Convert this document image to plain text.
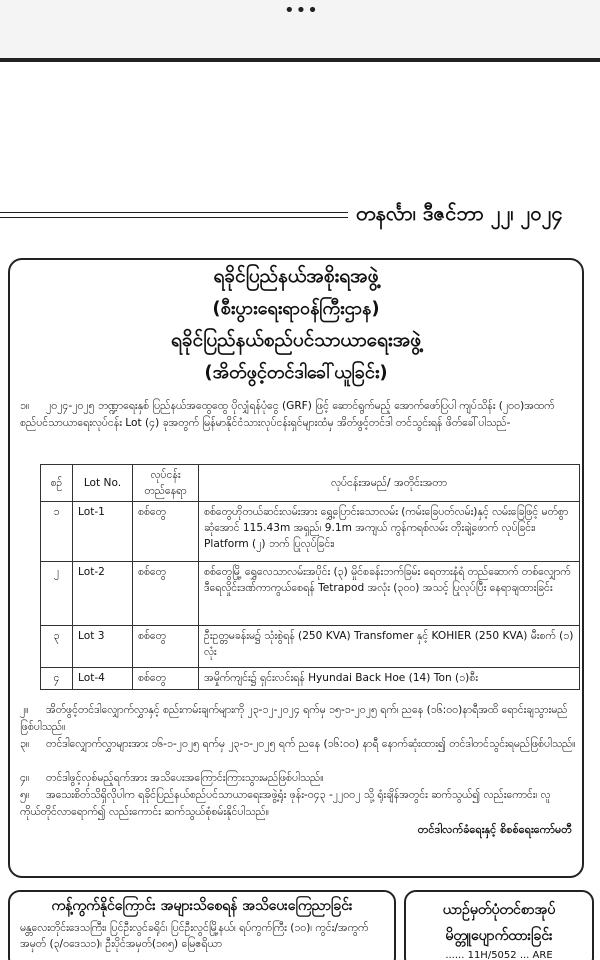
•••
တနင်္လာ၊ ဒီဇင်ဘာ ၂၂၊ ၂၀၂၄
ရခိုင်ပြည်နယ်အစိုးရအဖွဲ့
(စီးပွားရေးရာဝန်ကြီးဌာန)
ရခိုင်ပြည်နယ်စည်ပင်သာယာရေးအဖွဲ့
(အိတ်ဖွင့်တင်ဒါခေါ်ယူခြင်း)
၁။ ၂၀၂၄-၂၀၂၅ ဘဏ္ဍာရေးနှစ် ပြည်နယ်အထွေထွေ ပိုလျှံရန်ပုံငွေ (GRF) ဖြင့် ဆောင်ရွက်မည့် အောက်ဖော်ပြပါ ကျပ်သိန်း (၂၀၀)အထက် စည်ပင်သာယာရေးလုပ်ငန်း Lot (၄) ခုအတွက် မြန်မာနိုင်ငံသားလုပ်ငန်းရှင်များထံမှ အိတ်ဖွင့်တင်ဒါ တင်သွင်းရန် ဖိတ်ခေါ်ပါသည်-
စဉ်	Lot No.	လုပ်ငန်းတည်နေရာ	လုပ်ငန်းအမည်/ အတိုင်းအတာ
၁	Lot-1	စစ်တွေ	စစ်တွေဟိုတယ်ဆင်းလမ်းအား ရွှေ့ပြောင်းသောလမ်း (ကမ်းခြေပတ်လမ်း)နှင့် လမ်းခြေဖြင့် မတ်စွာဆုံအောင် 115.43m အရှည်၊ 9.1m အကျယ် ကွန်ကရစ်လမ်း တိုးချဲ့ဖောက် လုပ်ခြင်း၊ Platform (၂) ဘက် ပြုလုပ်ခြင်း၊
၂	Lot-2	စစ်တွေ	စစ်တွေမြို့ ရွှေလေသာလမ်းအပိုင်း (၃) မှိုင်စခန်းဘက်ခြမ်း ရေတားနံရံ တည်ဆောက် တစ်လျှောက် ဒီရေလှိုင်းဒဏ်ကာကွယ်စေရန် Tetrapod အလုံး (၃၀၀) အသင့် ပြုလုပ်ပြီး နေရာချထားခြင်း
၃	Lot 3	စစ်တွေ	ဦးဥတ္တမခန်းမ၌ သုံးစွဲရန် (250 KVA) Transfomer နှင့် KOHIER (250 KVA) မီးစက် (၁) လုံး
၄	Lot-4	စစ်တွေ	အမှိုက်ကျင်း၌ ရှင်းလင်းရန် Hyundai Back Hoe (14) Ton (၁)စီး
၂။ အိတ်ဖွင့်တင်ဒါလျှောက်လွှာနှင့် စည်းကမ်းချက်များကို ၂၃-၁၂-၂၀၂၄ ရက်မှ ၁၅-၁-၂၀၂၅ ရက်၊ ညနေ (၁၆:၀၀)နာရီအထိ ရောင်းချသွားမည်ဖြစ်ပါသည်။
၃။ တင်ဒါလျှောက်လွှာများအား ၁၆-၁-၂၀၂၅ ရက်မှ ၂၃-၁-၂၀၂၅ ရက် ညနေ (၁၆:၀၀) နာရီ နောက်ဆုံးထား၍ တင်ဒါတင်သွင်းရမည်ဖြစ်ပါသည်။
၄။ တင်ဒါဖွင့်လှစ်မည့်ရက်အား အသိပေးအကြောင်းကြားသွားမည်ဖြစ်ပါသည်။
၅။ အသေးစိတ်သိရှိလိုပါက ရခိုင်ပြည်နယ်စည်ပင်သာယာရေးအဖွဲ့ရုံး ဖုန်း-၀၄၃ -၂၂၀၀၂ သို့ ရုံးချိန်အတွင်း ဆက်သွယ်၍ လည်းကောင်း၊ လူကိုယ်တိုင်လာရောက်၍ လည်းကောင်း ဆက်သွယ်စုံစမ်းနိုင်ပါသည်။
တင်ဒါလက်ခံရေးနှင့် စိစစ်ရေးကော်မတီ
ကန့်ကွက်နိုင်ကြောင်း အများသိစေရန် အသိပေးကြေညာခြင်း
မန္တလေးတိုင်းဒေသကြီး၊ ပြင်ဦးလွင်ခရိုင်၊ ပြင်ဦးလွင်မြို့နယ်၊ ရပ်ကွက်ကြီး (၁၀)၊ ကွင်း/အကွက်အမှတ် (၃/၀ဒေသ၁)၊ ဦးပိုင်အမှတ်(၁၈၅) မြေဧရိယာ
ယာဉ်မှတ်ပုံတင်စာအုပ်
မိတ္တူပျောက်ထားခြင်း
...... 11H/5052 ... ARE
